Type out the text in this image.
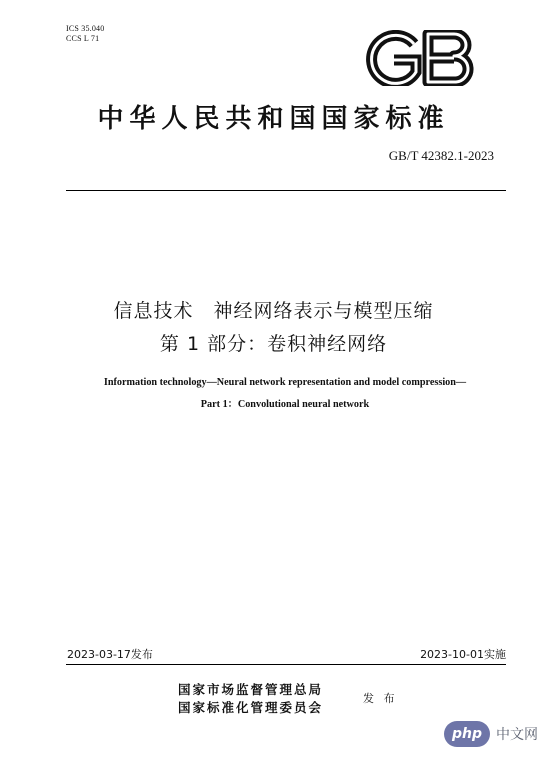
ICS 35.040
CCS L 71
中华人民共和国国家标准
GB/T 42382.1-2023
信息技术　神经网络表示与模型压缩
第 1 部分：卷积神经网络
Information technology—Neural network representation and model compression—
Part 1：Convolutional neural network
2023-03-17发布	2023-10-01实施
国家市场监督管理总局
国家标准化管理委员会
发 布
php	中文网
